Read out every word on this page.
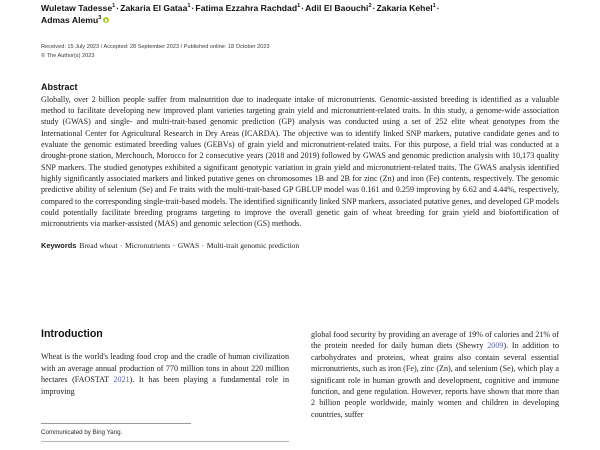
Wuletaw Tadesse$^1$·Zakaria El Gataa$^1$·Fatima Ezzahra Rachdad$^1$·Adil El Baouchi$^2$·Zakaria Kehel$^1$·
Admas Alemu$^3$
Received: 15 July 2023 / Accepted: 28 September 2023 / Published online: 18 October 2023
© The Author(s) 2023
Abstract
Globally, over 2 billion people suffer from malnutrition due to inadequate intake of micronutrients. Genomic-assisted breeding is identified as a valuable method to facilitate developing new improved plant varieties targeting grain yield and micronutrient-related traits. In this study, a genome-wide association study (GWAS) and single- and multi-trait-based genomic prediction (GP) analysis was conducted using a set of 252 elite wheat genotypes from the International Center for Agricultural Research in Dry Areas (ICARDA). The objective was to identify linked SNP markers, putative candidate genes and to evaluate the genomic estimated breeding values (GEBVs) of grain yield and micronutrient-related traits. For this purpose, a field trial was conducted at a drought-prone station, Merchouch, Morocco for 2 consecutive years (2018 and 2019) followed by GWAS and genomic prediction analysis with 10,173 quality SNP markers. The studied genotypes exhibited a significant genotypic variation in grain yield and micronutrient-related traits. The GWAS analysis identified highly significantly associated markers and linked putative genes on chromosomes 1B and 2B for zinc (Zn) and iron (Fe) contents, respectively. The genomic predictive ability of selenium (Se) and Fe traits with the multi-trait-based GP GBLUP model was 0.161 and 0.259 improving by 6.62 and 4.44%, respectively, compared to the corresponding single-trait-based models. The identified significantly linked SNP markers, associated putative genes, and developed GP models could potentially facilitate breeding programs targeting to improve the overall genetic gain of wheat breeding for grain yield and biofortification of micronutrients via marker-assisted (MAS) and genomic selection (GS) methods.
Keywords Bread wheat · Micronutrients · GWAS · Multi-trait genomic prediction
Introduction
Wheat is the world's leading food crop and the cradle of human civilization with an average annual production of 770 million tons in about 220 million hectares (FAOSTAT 2021). It has been playing a fundamental role in improving
global food security by providing an average of 19% of calories and 21% of the protein needed for daily human diets (Shewry 2009). In addition to carbohydrates and proteins, wheat grains also contain several essential micronutrients, such as iron (Fe), zinc (Zn), and selenium (Se), which play a significant role in human growth and development, cognitive and immune function, and gene regulation. However, reports have shown that more than 2 billion people worldwide, mainly women and children in developing countries, suffer
Communicated by Bing Yang.
